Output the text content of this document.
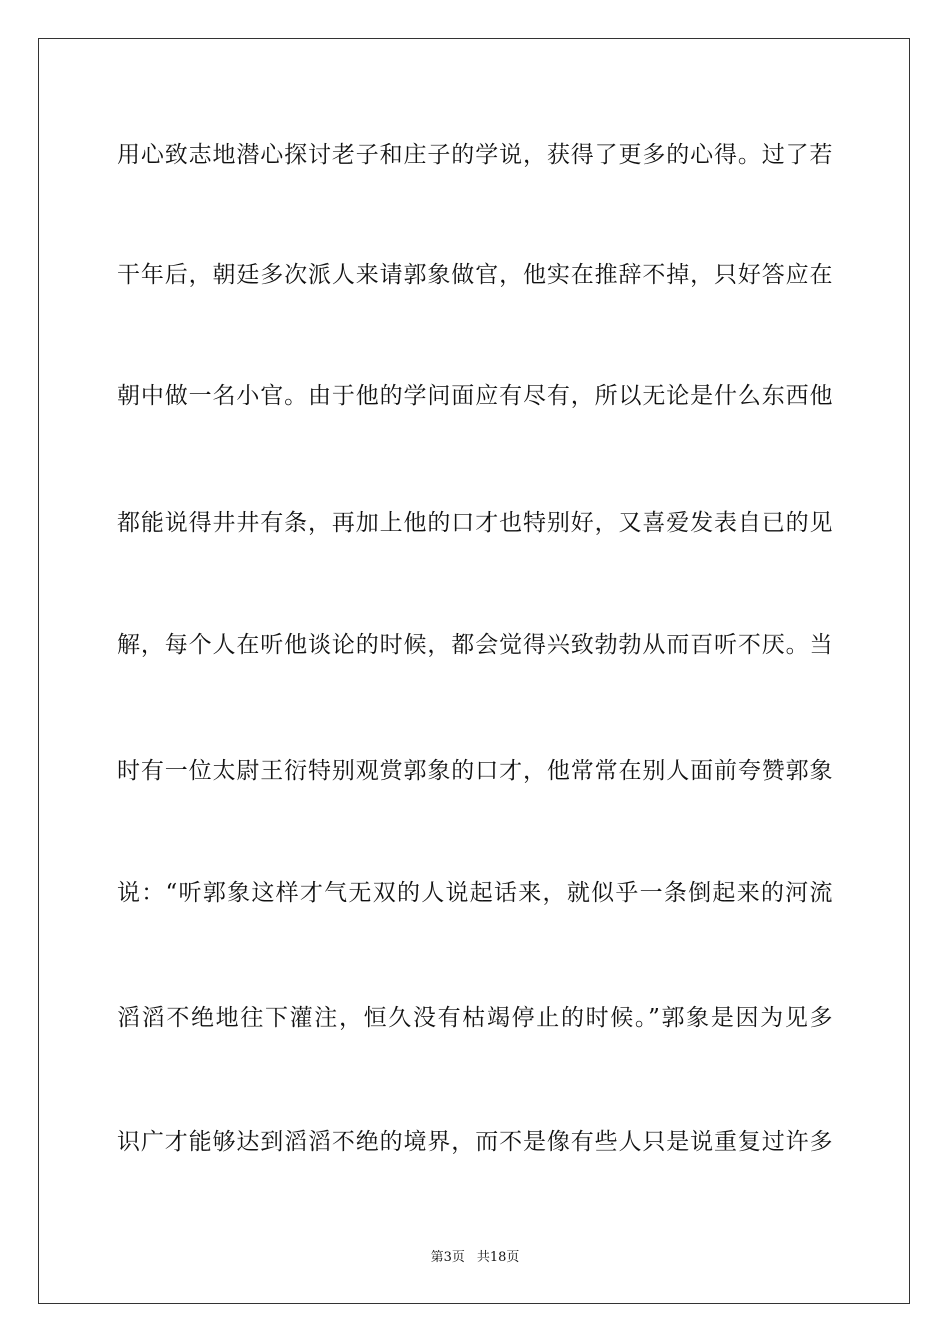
用心致志地潜心探讨老子和庄子的学说，获得了更多的心得。过了若
干年后，朝廷多次派人来请郭象做官，他实在推辞不掉，只好答应在
朝中做一名小官。由于他的学问面应有尽有，所以无论是什么东西他
都能说得井井有条，再加上他的口才也特别好，又喜爱发表自已的见
解，每个人在听他谈论的时候，都会觉得兴致勃勃从而百听不厌。当
时有一位太尉王衍特别观赏郭象的口才，他常常在别人面前夸赞郭象
说：“听郭象这样才气无双的人说起话来，就似乎一条倒起来的河流
滔滔不绝地往下灌注，恒久没有枯竭停止的时候。”郭象是因为见多
识广才能够达到滔滔不绝的境界，而不是像有些人只是说重复过许多
第3页 共18页
